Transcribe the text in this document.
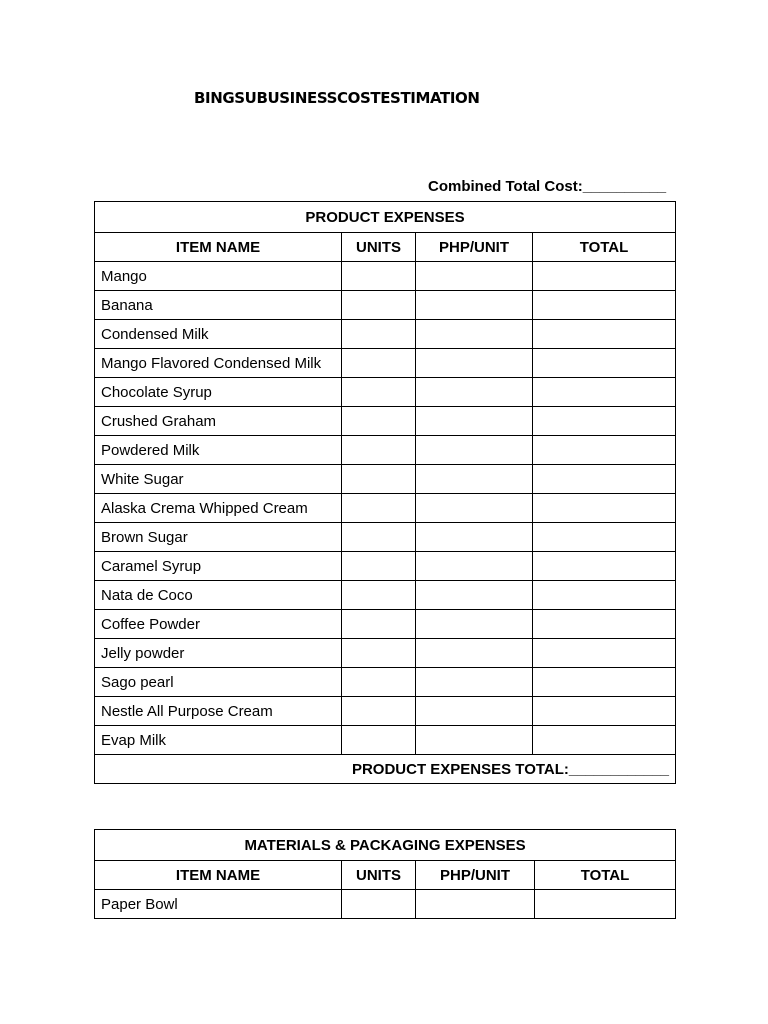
BINGSUBUSINESSCOSTESTIMATION
Combined Total Cost:__________
PRODUCT EXPENSES			
ITEM NAME	UNITS	PHP/UNIT	TOTAL
Mango			
Banana			
Condensed Milk			
Mango Flavored Condensed Milk			
Chocolate Syrup			
Crushed Graham			
Powdered Milk			
White Sugar			
Alaska Crema Whipped Cream			
Brown Sugar			
Caramel Syrup			
Nata de Coco			
Coffee Powder			
Jelly powder			
Sago pearl			
Nestle All Purpose Cream			
Evap Milk			
PRODUCT EXPENSES TOTAL:____________			
MATERIALS & PACKAGING EXPENSES			
ITEM NAME	UNITS	PHP/UNIT	TOTAL
Paper Bowl			
